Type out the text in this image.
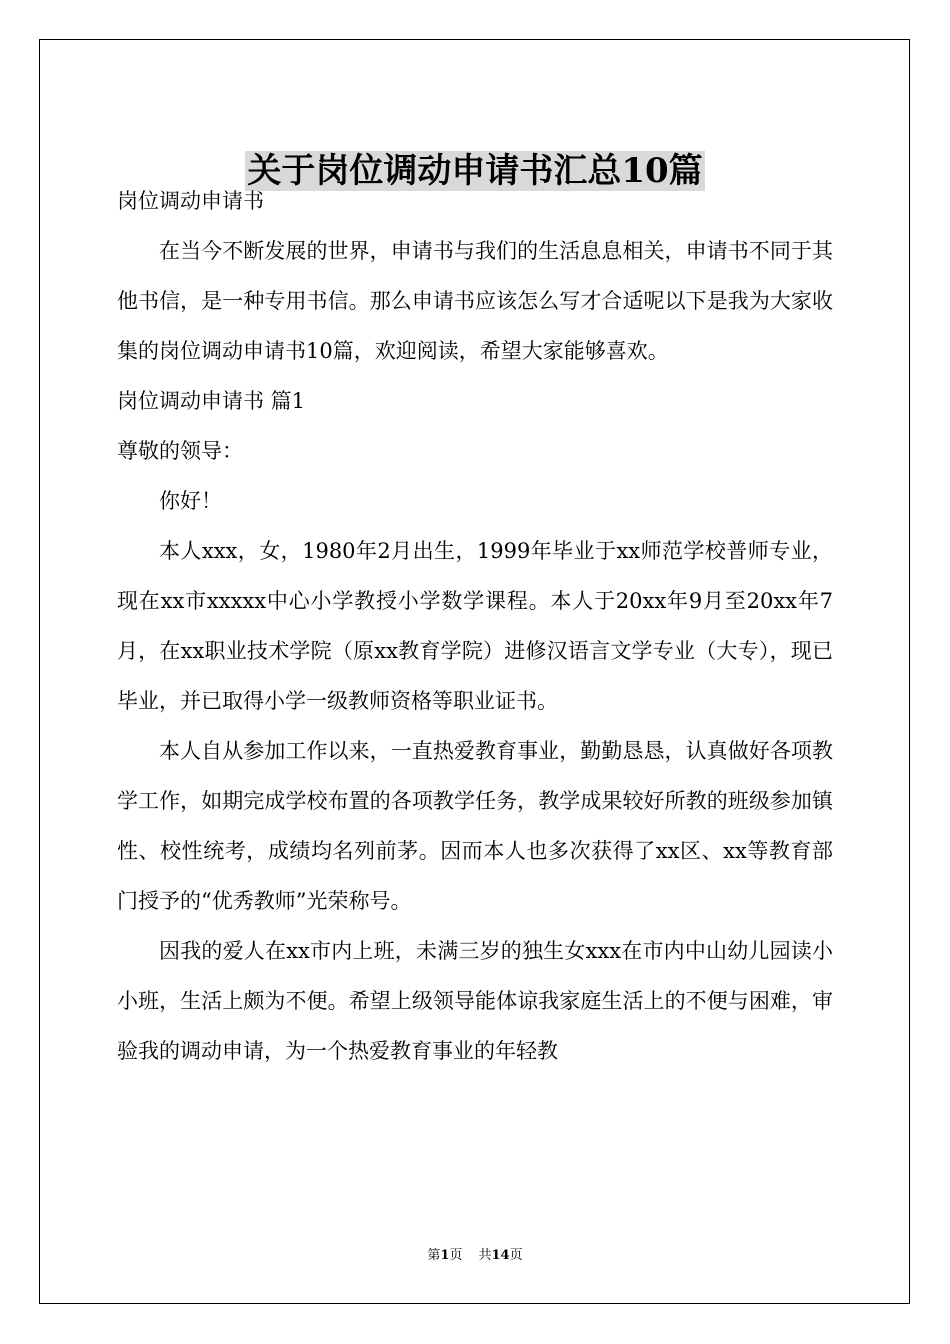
关于岗位调动申请书汇总10篇

岗位调动申请书

在当今不断发展的世界，申请书与我们的生活息息相关，申请书不同于其他书信，是一种专用书信。那么申请书应该怎么写才合适呢以下是我为大家收集的岗位调动申请书10篇，欢迎阅读，希望大家能够喜欢。

岗位调动申请书 篇1

尊敬的领导：

你好！

本人xxx，女，1980年2月出生，1999年毕业于xx师范学校普师专业，现在xx市xxxxx中心小学教授小学数学课程。本人于20xx年9月至20xx年7月，在xx职业技术学院（原xx教育学院）进修汉语言文学专业（大专），现已毕业，并已取得小学一级教师资格等职业证书。

本人自从参加工作以来，一直热爱教育事业，勤勤恳恳，认真做好各项教学工作，如期完成学校布置的各项教学任务，教学成果较好所教的班级参加镇性、校性统考，成绩均名列前茅。因而本人也多次获得了xx区、xx等教育部门授予的“优秀教师”光荣称号。

因我的爱人在xx市内上班，未满三岁的独生女xxx在市内中山幼儿园读小小班，生活上颇为不便。希望上级领导能体谅我家庭生活上的不便与困难，审验我的调动申请，为一个热爱教育事业的年轻教

第1页 共14页
